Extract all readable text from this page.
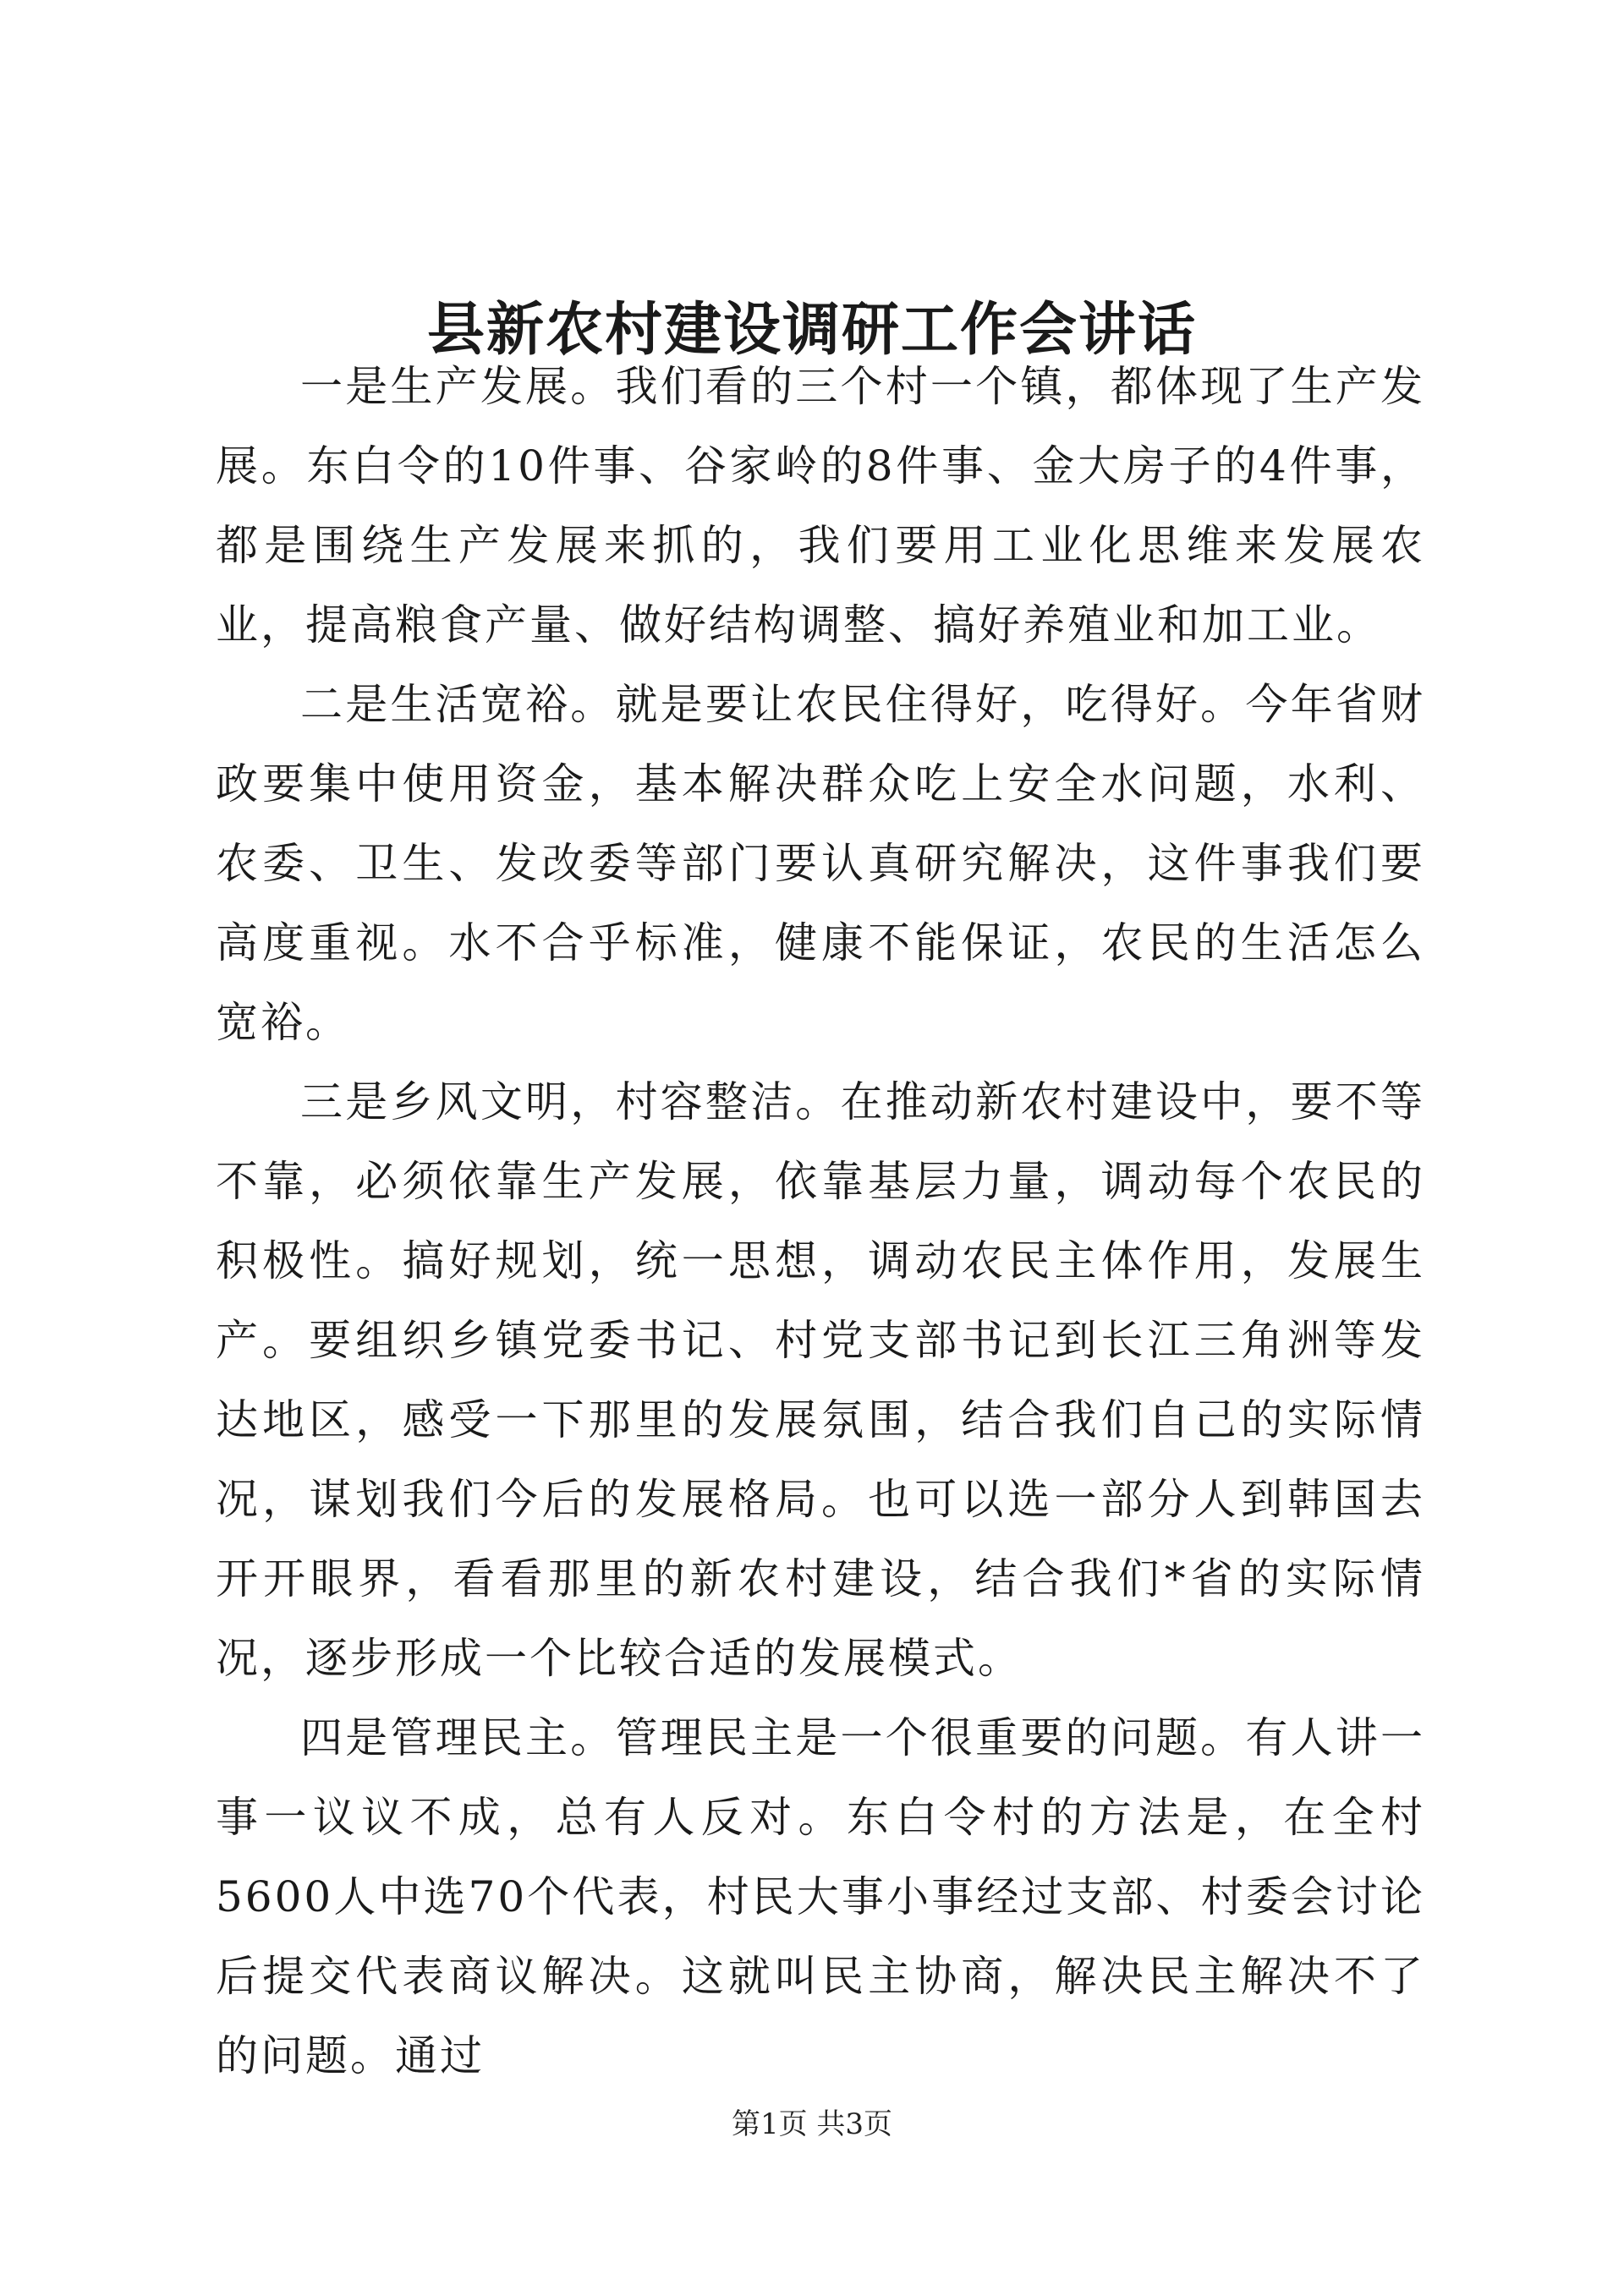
县新农村建设调研工作会讲话

一是生产发展。我们看的三个村一个镇，都体现了生产发展。东白令的10件事、谷家岭的8件事、金大房子的4件事，都是围绕生产发展来抓的，我们要用工业化思维来发展农业，提高粮食产量、做好结构调整、搞好养殖业和加工业。

二是生活宽裕。就是要让农民住得好，吃得好。今年省财政要集中使用资金，基本解决群众吃上安全水问题，水利、农委、卫生、发改委等部门要认真研究解决，这件事我们要高度重视。水不合乎标准，健康不能保证，农民的生活怎么宽裕。

三是乡风文明，村容整洁。在推动新农村建设中，要不等不靠，必须依靠生产发展，依靠基层力量，调动每个农民的积极性。搞好规划，统一思想，调动农民主体作用，发展生产。要组织乡镇党委书记、村党支部书记到长江三角洲等发达地区，感受一下那里的发展氛围，结合我们自己的实际情况，谋划我们今后的发展格局。也可以选一部分人到韩国去开开眼界，看看那里的新农村建设，结合我们*省的实际情况，逐步形成一个比较合适的发展模式。

四是管理民主。管理民主是一个很重要的问题。有人讲一事一议议不成，总有人反对。东白令村的方法是，在全村5600人中选70个代表，村民大事小事经过支部、村委会讨论后提交代表商议解决。这就叫民主协商，解决民主解决不了的问题。通过

第1页 共3页
